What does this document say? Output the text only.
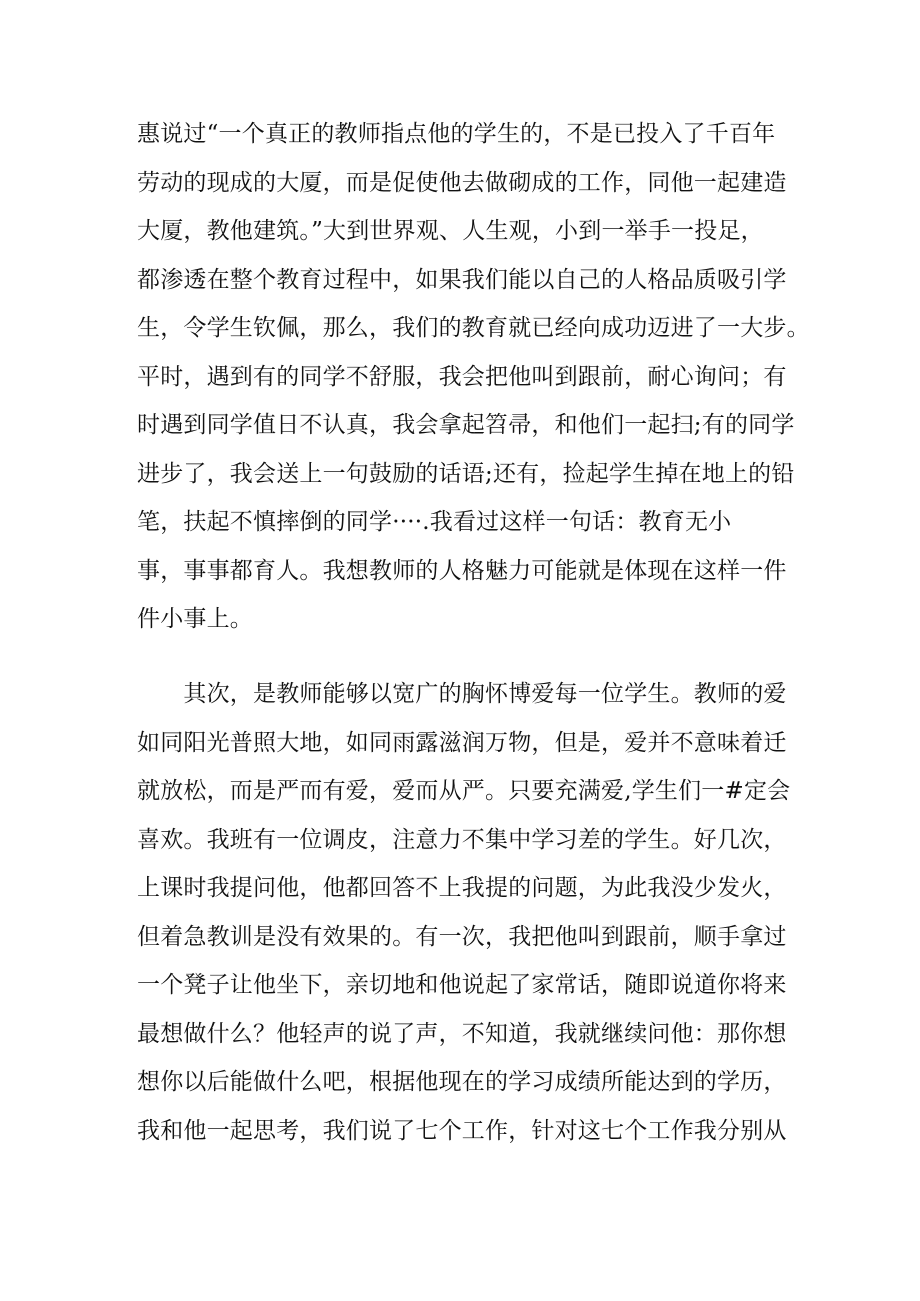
惠说过“一个真正的教师指点他的学生的，不是已投入了千百年
劳动的现成的大厦，而是促使他去做砌成的工作，同他一起建造
大厦，教他建筑。”大到世界观、人生观，小到一举手一投足，
都渗透在整个教育过程中，如果我们能以自己的人格品质吸引学
生，令学生钦佩，那么，我们的教育就已经向成功迈进了一大步。
平时，遇到有的同学不舒服，我会把他叫到跟前，耐心询问；有
时遇到同学值日不认真，我会拿起笤帚，和他们一起扫;有的同学
进步了，我会送上一句鼓励的话语;还有，捡起学生掉在地上的铅
笔，扶起不慎摔倒的同学····.我看过这样一句话：教育无小
事，事事都育人。我想教师的人格魅力可能就是体现在这样一件
件小事上。
　　其次，是教师能够以宽广的胸怀博爱每一位学生。教师的爱
如同阳光普照大地，如同雨露滋润万物，但是，爱并不意味着迁
就放松，而是严而有爱，爱而从严。只要充满爱,学生们一#定会
喜欢。我班有一位调皮，注意力不集中学习差的学生。好几次，
上课时我提问他，他都回答不上我提的问题，为此我没少发火，
但着急教训是没有效果的。有一次，我把他叫到跟前，顺手拿过
一个凳子让他坐下，亲切地和他说起了家常话，随即说道你将来
最想做什么？他轻声的说了声，不知道，我就继续问他：那你想
想你以后能做什么吧，根据他现在的学习成绩所能达到的学历，
我和他一起思考，我们说了七个工作，针对这七个工作我分别从
